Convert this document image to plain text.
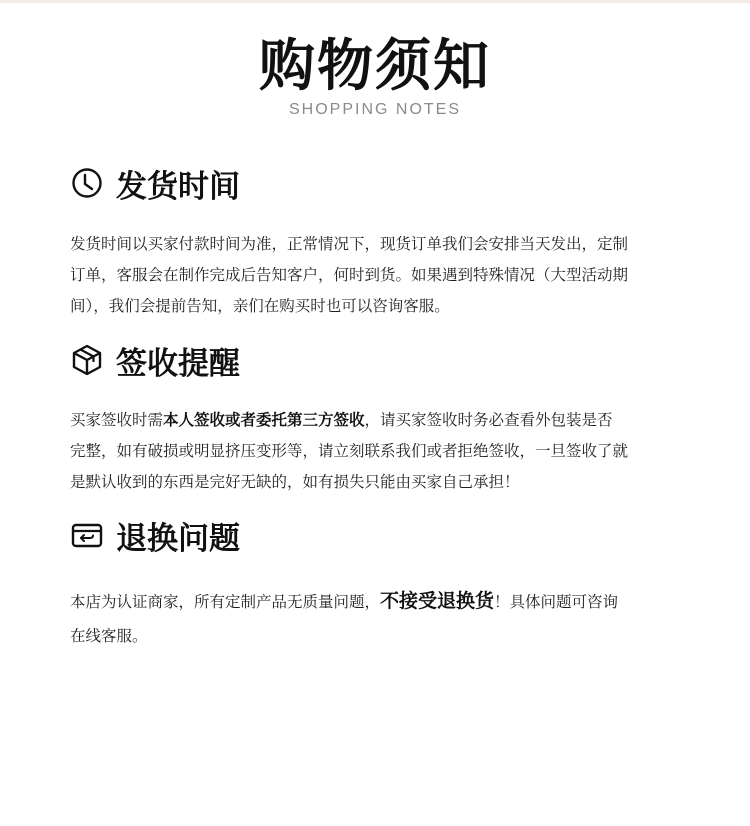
购物须知
SHOPPING NOTES
发货时间
发货时间以买家付款时间为准，正常情况下，现货订单我们会安排当天发出，定制
订单，客服会在制作完成后告知客户，何时到货。如果遇到特殊情况（大型活动期
间），我们会提前告知，亲们在购买时也可以咨询客服。
签收提醒
买家签收时需本人签收或者委托第三方签收，请买家签收时务必查看外包装是否
完整，如有破损或明显挤压变形等，请立刻联系我们或者拒绝签收，一旦签收了就
是默认收到的东西是完好无缺的，如有损失只能由买家自己承担！
退换问题
本店为认证商家，所有定制产品无质量问题，不接受退换货！具体问题可咨询
在线客服。
